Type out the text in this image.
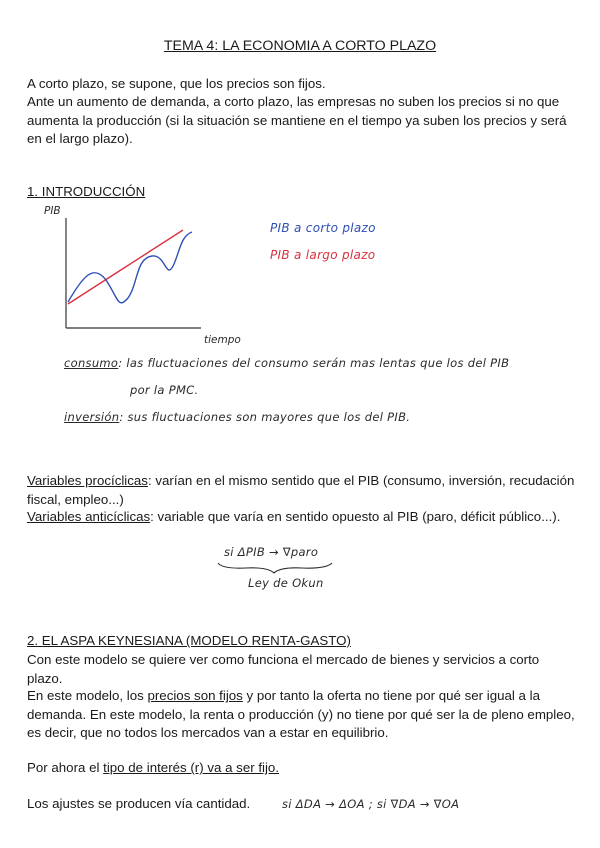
TEMA 4: LA ECONOMIA A CORTO PLAZO
A corto plazo, se supone, que los precios son fijos.
Ante un aumento de demanda, a corto plazo, las empresas no suben los precios si no que aumenta la producción (si la situación se mantiene en el tiempo ya suben los precios y será en el largo plazo).
1. INTRODUCCIÓN
PIB
tiempo
PIB a corto plazo
PIB a largo plazo
consumo: las fluctuaciones del consumo serán mas lentas que los del PIB
por la PMC.
inversión: sus fluctuaciones son mayores que los del PIB.
Variables procíclicas: varían en el mismo sentido que el PIB (consumo, inversión, recudación fiscal, empleo...)
Variables anticíclicas: variable que varía en sentido opuesto al PIB (paro, déficit público...).
si ΔPIB → ∇paro
Ley de Okun
2. EL ASPA KEYNESIANA (MODELO RENTA-GASTO)
Con este modelo se quiere ver como funciona el mercado de bienes y servicios a corto plazo.
En este modelo, los precios son fijos y por tanto la oferta no tiene por qué ser igual a la demanda. En este modelo, la renta o producción (y) no tiene por qué ser la de pleno empleo, es decir, que no todos los mercados van a estar en equilibrio.
Por ahora el tipo de interés (r) va a ser fijo.
Los ajustes se producen vía cantidad.	si ΔDA → ΔOA ; si ∇DA → ∇OA
